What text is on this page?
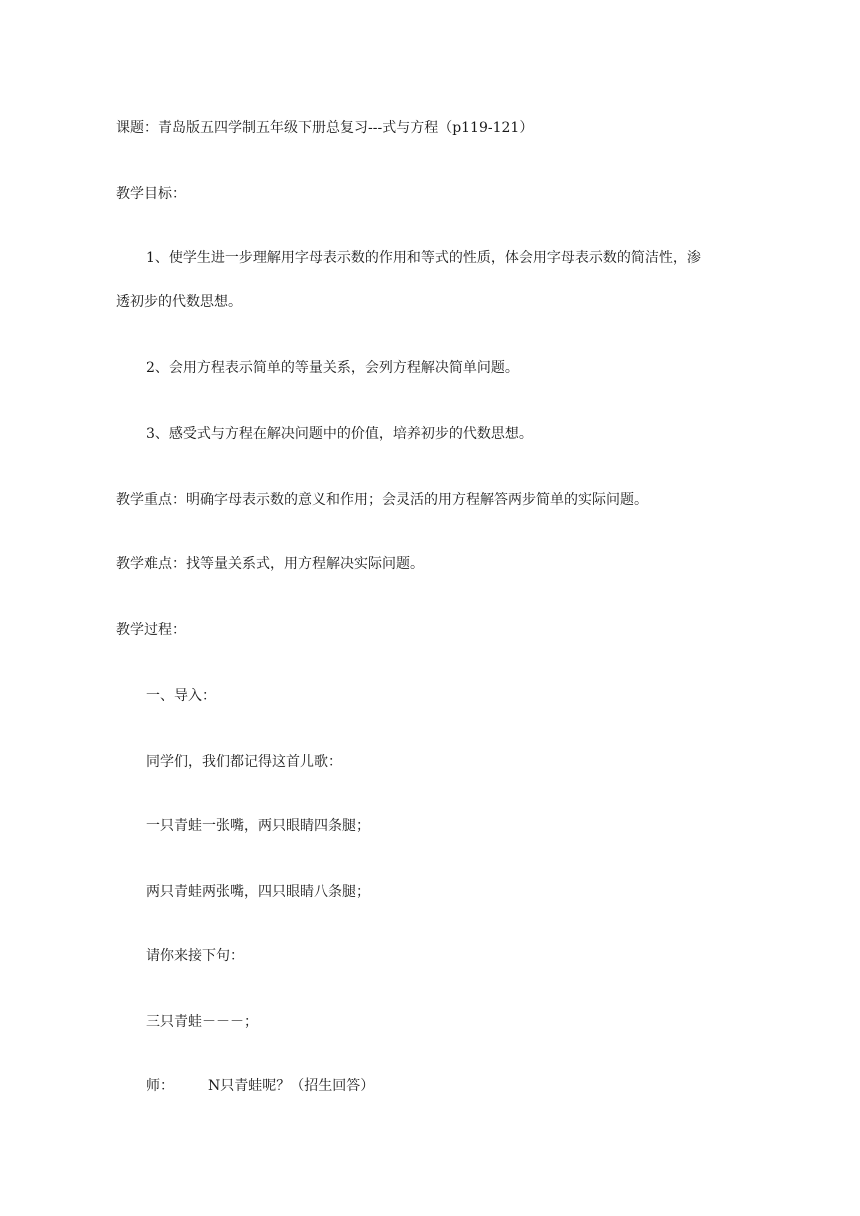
课题：青岛版五四学制五年级下册总复习---式与方程（p119-121）
教学目标：
1、使学生进一步理解用字母表示数的作用和等式的性质，体会用字母表示数的简洁性，渗
透初步的代数思想。
2、会用方程表示简单的等量关系，会列方程解决简单问题。
3、感受式与方程在解决问题中的价值，培养初步的代数思想。
教学重点：明确字母表示数的意义和作用；会灵活的用方程解答两步简单的实际问题。
教学难点：找等量关系式，用方程解决实际问题。
教学过程：
一、导入：
同学们，我们都记得这首儿歌：
一只青蛙一张嘴，两只眼睛四条腿；
两只青蛙两张嘴，四只眼睛八条腿；
请你来接下句：
三只青蛙－－－；
师： N只青蛙呢？（招生回答）
